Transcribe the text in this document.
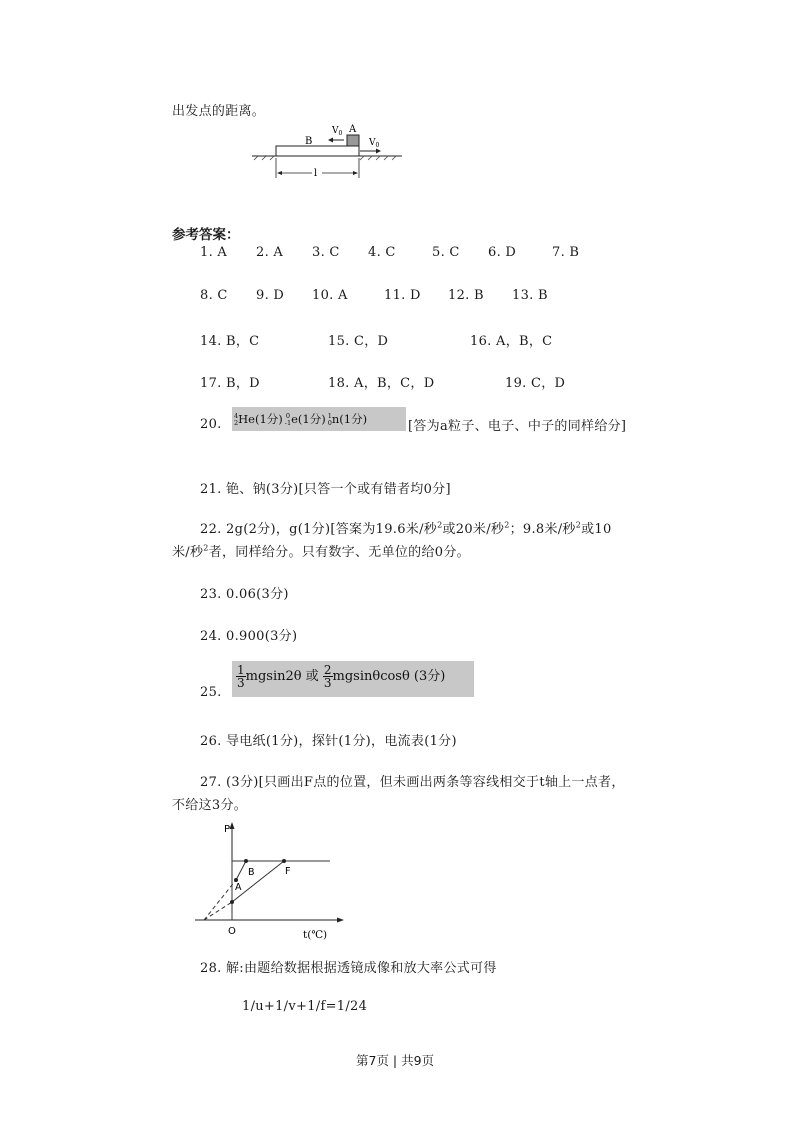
出发点的距离。
B
A
$V_0$
$V_0$
l
参考答案：
1. A 2. A 3. C 4. C	5. C 6. D	7. B
8. C 9. D 10. A	11. D 12. B 13. B
14. B，C	15. C，D	16. A，B，C
17. B，D	18. A，B，C，D	19. C，D
20.
4
2 He(1分) 0
-1 e(1分) 1
0 n(1分)	[答为a粒子、电子、中子的同样给分]
21. 铯、钠(3分)[只答一个或有错者均0分]
22. 2g(2分)，g(1分)[答案为19.6米/秒$^2$或20米/秒$^2$；9.8米/秒$^2$或10
米/秒$^2$者，同样给分。只有数字、无单位的给0分。
23. 0.06(3分)
24. 0.900(3分)
25.
$\frac{1}{3} mgsin2\theta$ 或 $\frac{2}{3}$ mgsinθcosθ (3分)
26. 导电纸(1分)，探针(1分)，电流表(1分)
27. (3分)[只画出F点的位置，但未画出两条等容线相交于t轴上一点者，
不给这3分。
P
t(℃)
O
A
B	F
28. 解:由题给数据根据透镜成像和放大率公式可得
1/u+1/v+1/f=1/24
第7页 | 共9页
